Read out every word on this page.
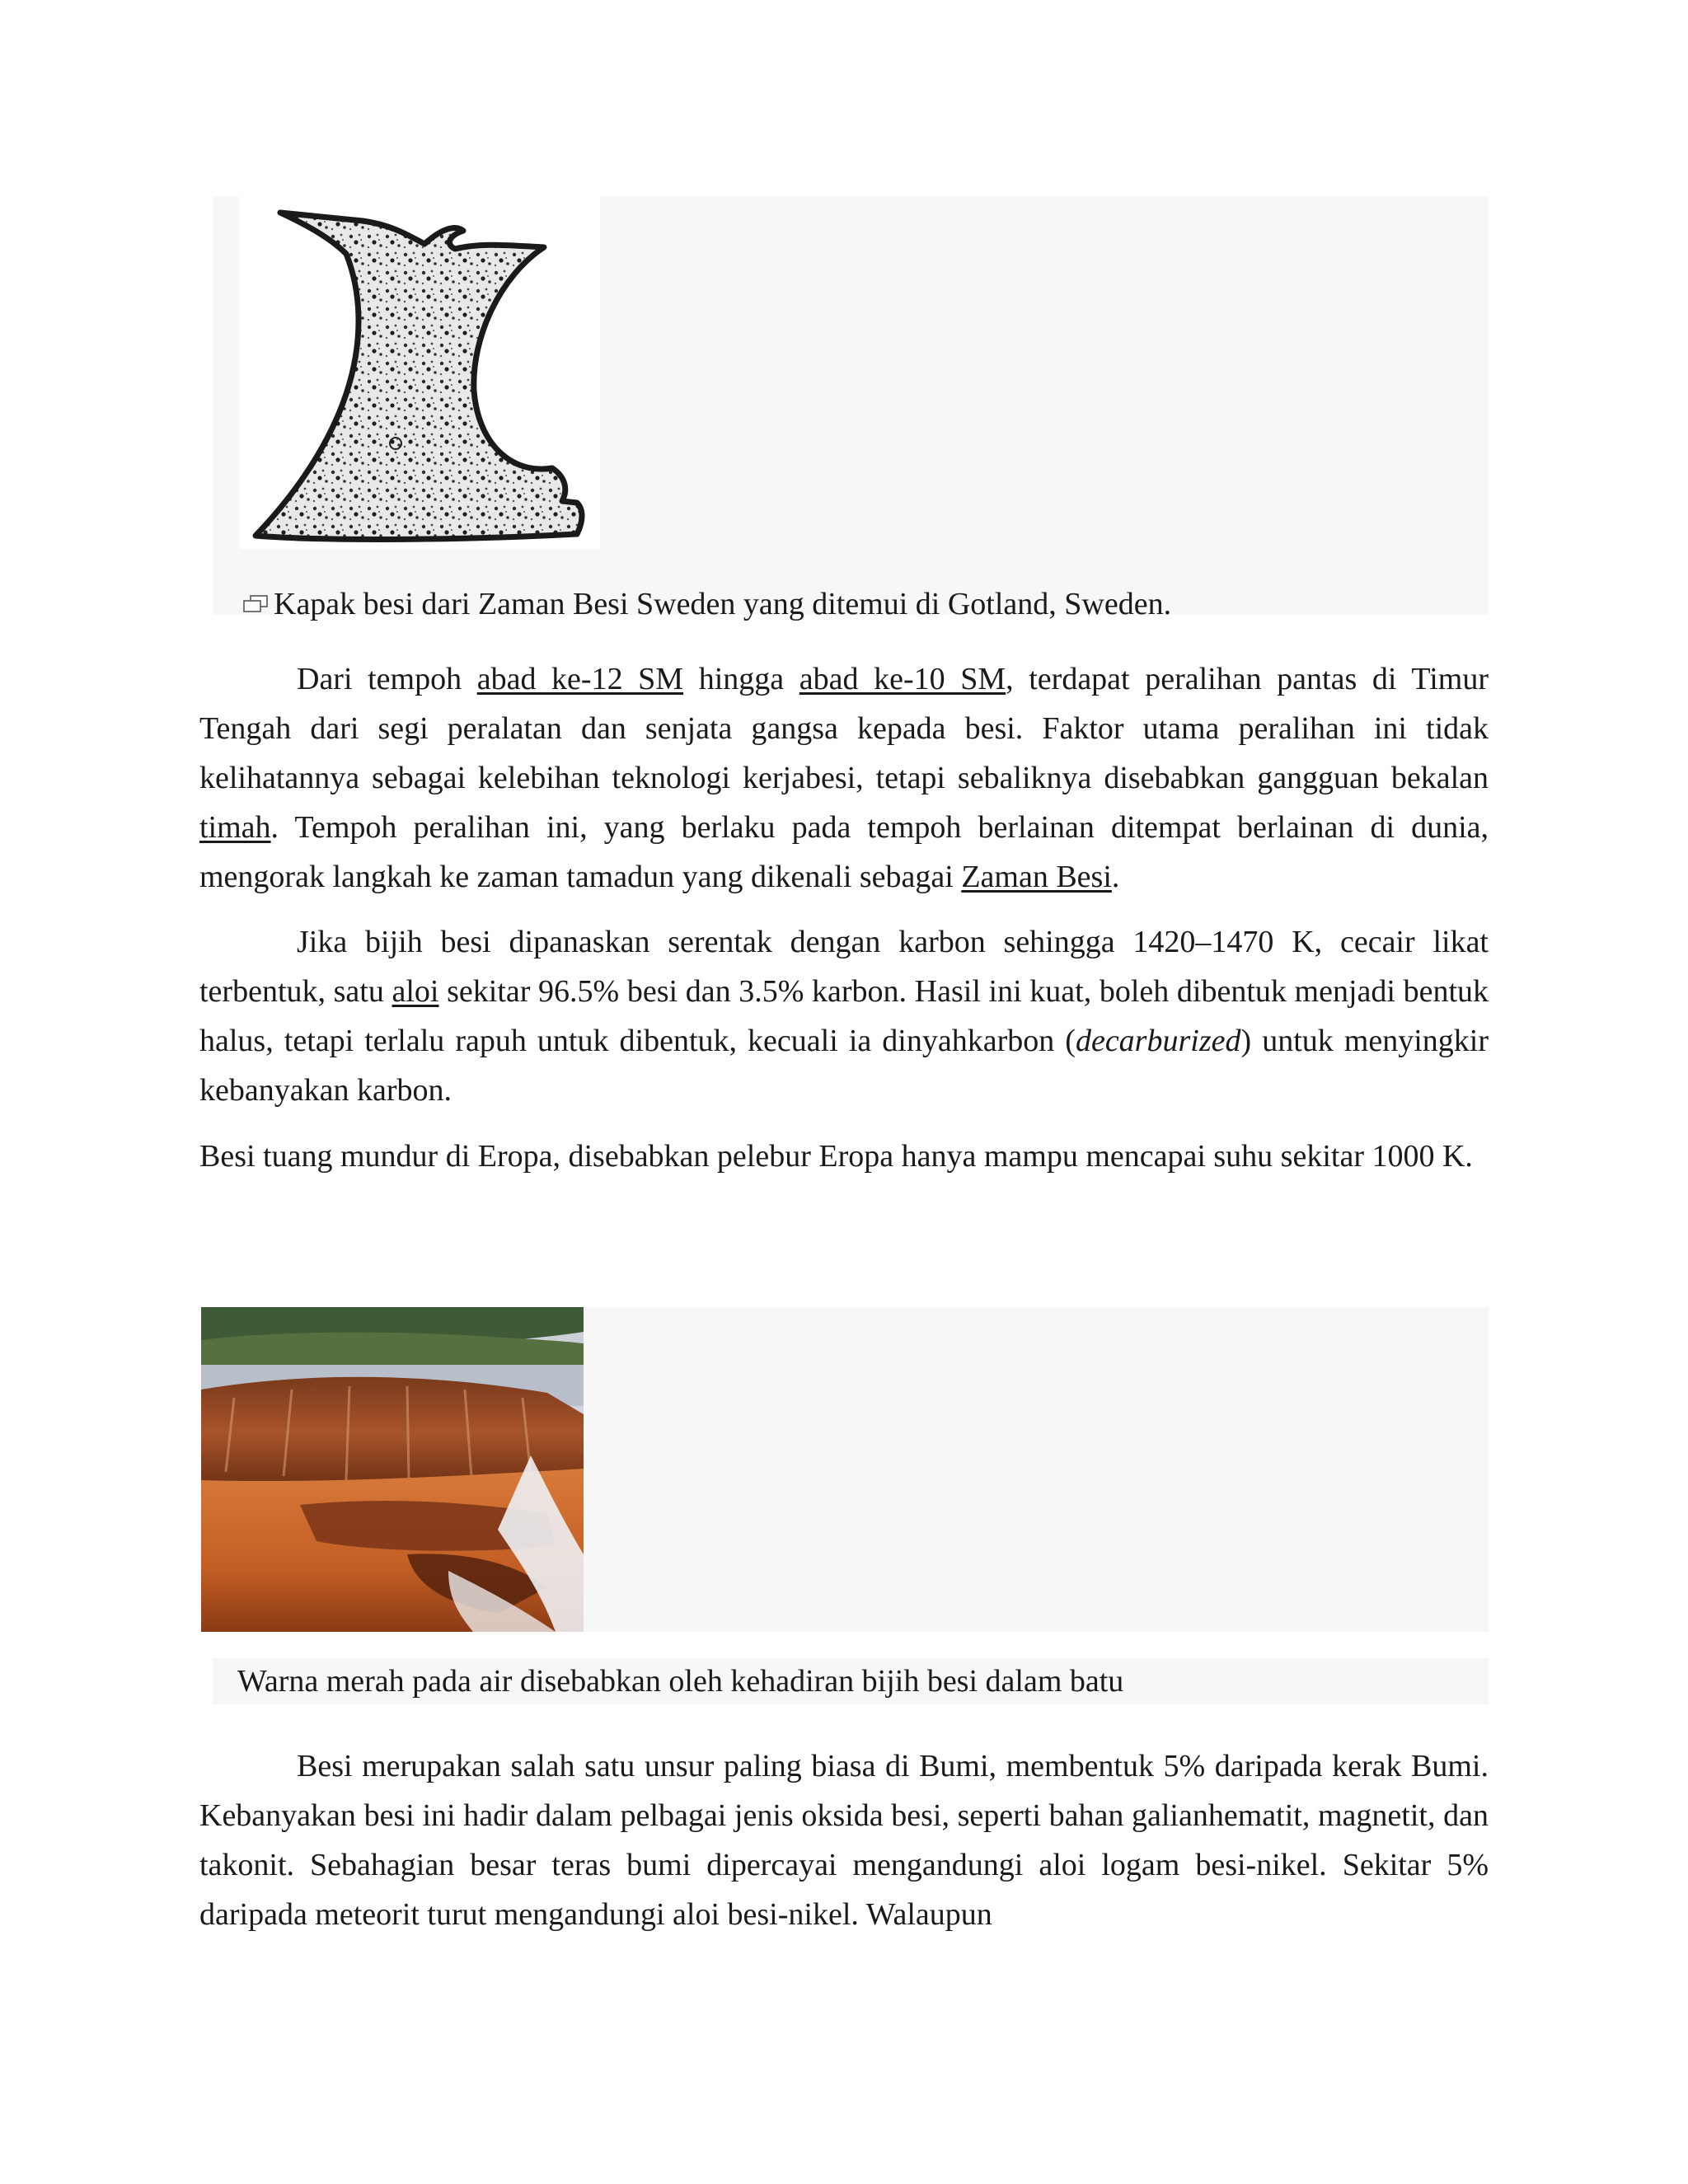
Kapak besi dari Zaman Besi Sweden yang ditemui di Gotland, Sweden.

Dari tempoh abad ke-12 SM hingga abad ke-10 SM, terdapat peralihan pantas di Timur Tengah dari segi peralatan dan senjata gangsa kepada besi. Faktor utama peralihan ini tidak kelihatannya sebagai kelebihan teknologi kerjabesi, tetapi sebaliknya disebabkan gangguan bekalan timah. Tempoh peralihan ini, yang berlaku pada tempoh berlainan ditempat berlainan di dunia, mengorak langkah ke zaman tamadun yang dikenali sebagai Zaman Besi.

Jika bijih besi dipanaskan serentak dengan karbon sehingga 1420–1470 K, cecair likat terbentuk, satu aloi sekitar 96.5% besi dan 3.5% karbon. Hasil ini kuat, boleh dibentuk menjadi bentuk halus, tetapi terlalu rapuh untuk dibentuk, kecuali ia dinyahkarbon (decarburized) untuk menyingkir kebanyakan karbon.

Besi tuang mundur di Eropa, disebabkan pelebur Eropa hanya mampu mencapai suhu sekitar 1000 K.

Warna merah pada air disebabkan oleh kehadiran bijih besi dalam batu

Besi merupakan salah satu unsur paling biasa di Bumi, membentuk 5% daripada kerak Bumi. Kebanyakan besi ini hadir dalam pelbagai jenis oksida besi, seperti bahan galianhematit, magnetit, dan takonit. Sebahagian besar teras bumi dipercayai mengandungi aloi logam besi-nikel. Sekitar 5% daripada meteorit turut mengandungi aloi besi-nikel. Walaupun
